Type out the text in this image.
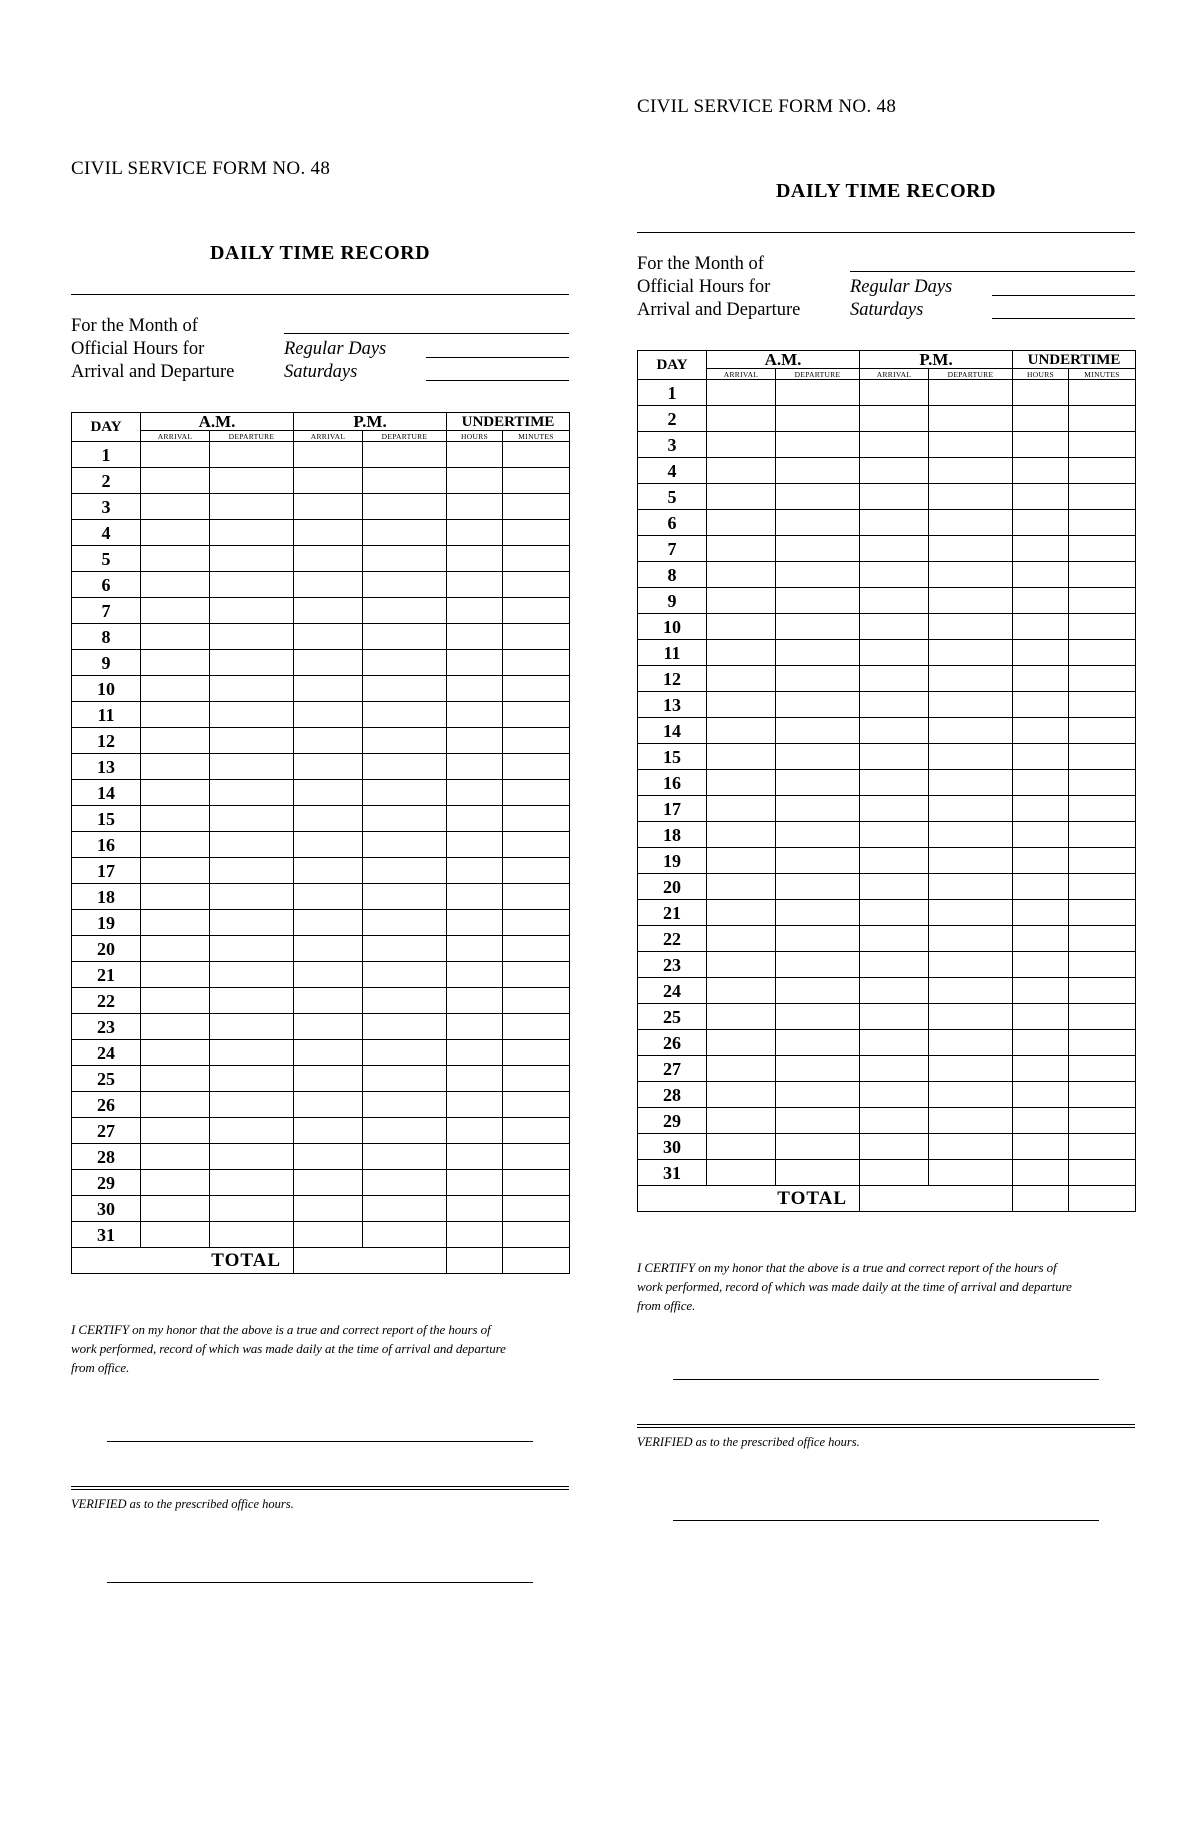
CIVIL SERVICE FORM NO. 48
DAILY TIME RECORD
For the Month of
Official Hours for	Regular Days
Arrival and Departure	Saturdays
DAY	A.M.		P.M.		UNDERTIME	
	ARRIVAL	DEPARTURE	ARRIVAL	DEPARTURE	HOURS	MINUTES
1						
2						
3						
4						
5						
6						
7						
8						
9						
10						
11						
12						
13						
14						
15						
16						
17						
18						
19						
20						
21						
22						
23						
24						
25						
26						
27						
28						
29						
30						
31						
TOTAL						
I CERTIFY on my honor that the above is a true and correct report of the hours of work performed, record of which was made daily at the time of arrival and departure from office.
VERIFIED as to the prescribed office hours.
CIVIL SERVICE FORM NO. 48
DAILY TIME RECORD
For the Month of
Official Hours for	Regular Days
Arrival and Departure	Saturdays
DAY	A.M.		P.M.		UNDERTIME	
	ARRIVAL	DEPARTURE	ARRIVAL	DEPARTURE	HOURS	MINUTES
1						
2						
3						
4						
5						
6						
7						
8						
9						
10						
11						
12						
13						
14						
15						
16						
17						
18						
19						
20						
21						
22						
23						
24						
25						
26						
27						
28						
29						
30						
31						
TOTAL						
I CERTIFY on my honor that the above is a true and correct report of the hours of work performed, record of which was made daily at the time of arrival and departure from office.
VERIFIED as to the prescribed office hours.
